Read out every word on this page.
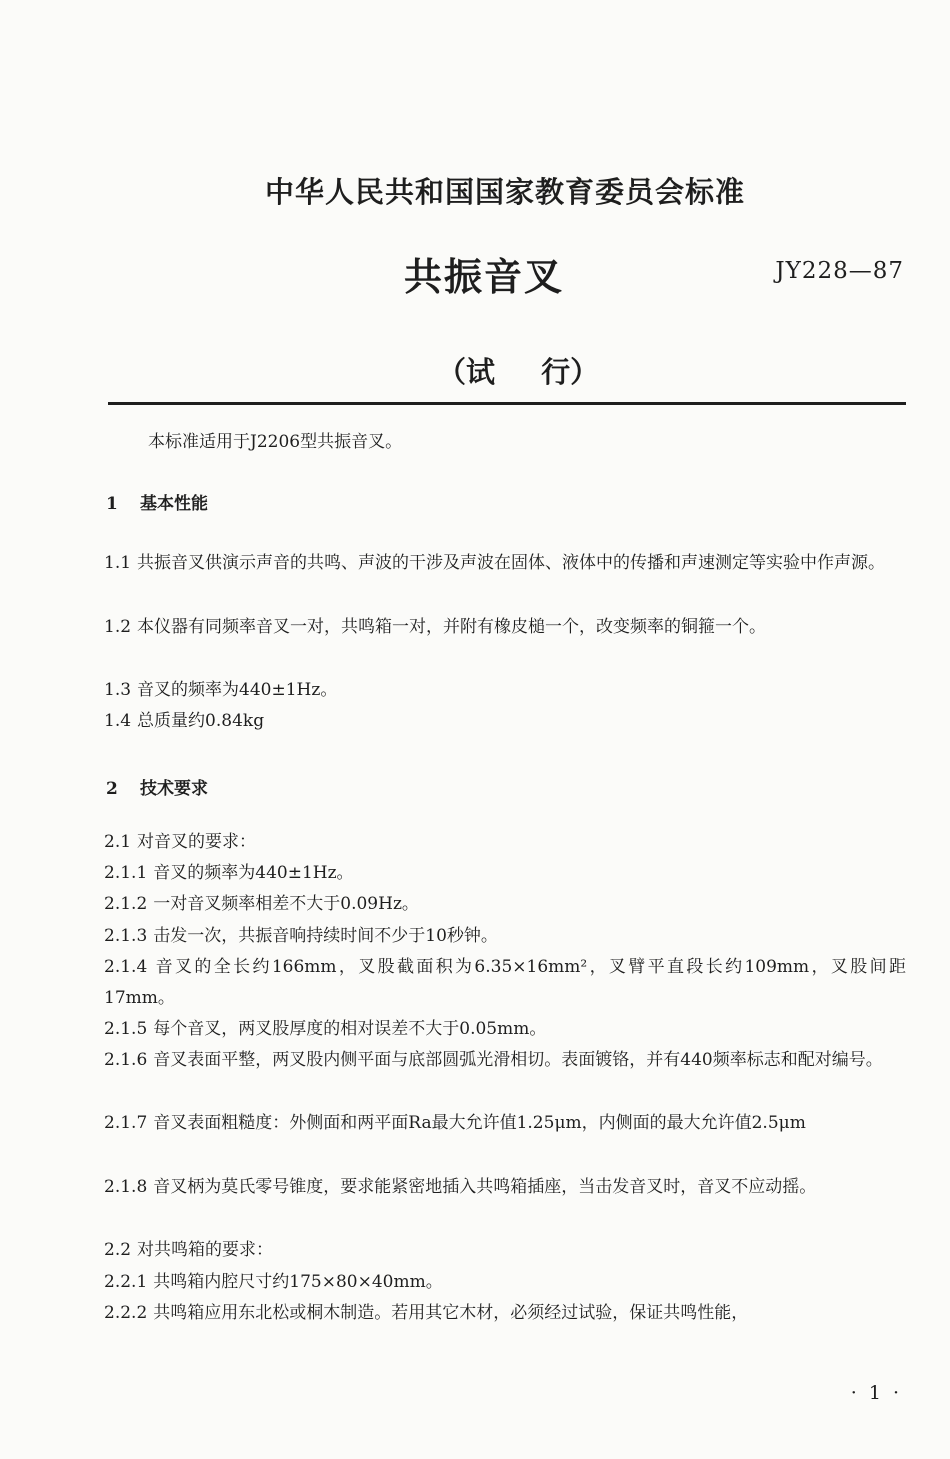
中华人民共和国国家教育委员会标准
共振音叉	JY228—87
（试 行）
本标准适用于J2206型共振音叉。
1 基本性能
1.1 共振音叉供演示声音的共鸣、声波的干涉及声波在固体、液体中的传播和声速测定等实验中作声源。
1.2 本仪器有同频率音叉一对，共鸣箱一对，并附有橡皮槌一个，改变频率的铜箍一个。
1.3 音叉的频率为440±1Hz。
1.4 总质量约0.84kg
2 技术要求
2.1 对音叉的要求：
2.1.1 音叉的频率为440±1Hz。
2.1.2 一对音叉频率相差不大于0.09Hz。
2.1.3 击发一次，共振音响持续时间不少于10秒钟。
2.1.4 音叉的全长约166mm，叉股截面积为6.35×16mm²，叉臂平直段长约109mm，叉股间距17mm。
2.1.5 每个音叉，两叉股厚度的相对误差不大于0.05mm。
2.1.6 音叉表面平整，两叉股内侧平面与底部圆弧光滑相切。表面镀铬，并有440频率标志和配对编号。
2.1.7 音叉表面粗糙度：外侧面和两平面Ra最大允许值1.25μm，内侧面的最大允许值2.5μm
2.1.8 音叉柄为莫氏零号锥度，要求能紧密地插入共鸣箱插座，当击发音叉时，音叉不应动摇。
2.2 对共鸣箱的要求：
2.2.1 共鸣箱内腔尺寸约175×80×40mm。
2.2.2 共鸣箱应用东北松或桐木制造。若用其它木材，必须经过试验，保证共鸣性能，
· 1 ·
